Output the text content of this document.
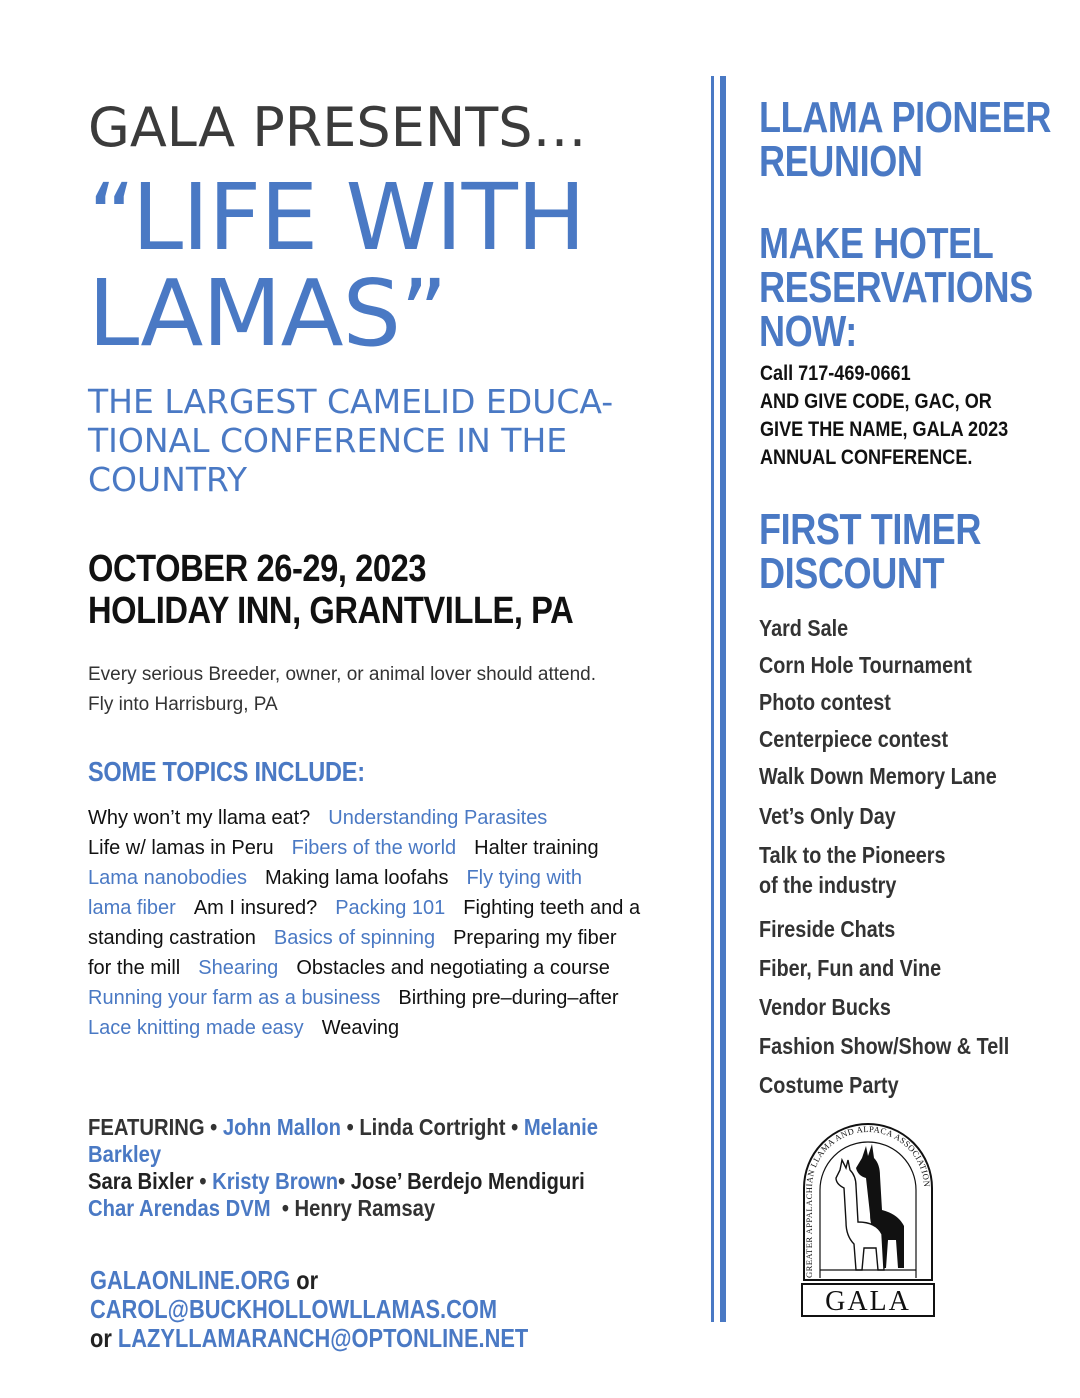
GALA PRESENTS…
“LIFE WITH
LAMAS”
THE LARGEST CAMELID EDUCA-
TIONAL CONFERENCE IN THE
COUNTRY
OCTOBER 26-29, 2023
HOLIDAY INN, GRANTVILLE, PA
Every serious Breeder, owner, or animal lover should attend.
Fly into Harrisburg, PA
SOME TOPICS INCLUDE:
Why won’t my llama eat? Understanding Parasites
Life w/ lamas in Peru Fibers of the world Halter training
Lama nanobodies Making lama loofahs Fly tying with
lama fiber Am I insured? Packing 101 Fighting teeth and a
standing castration Basics of spinning Preparing my fiber
for the mill Shearing Obstacles and negotiating a course
Running your farm as a business Birthing pre–during–after
Lace knitting made easy Weaving
FEATURING • John Mallon • Linda Cortright • Melanie Barkley
Sara Bixler • Kristy Brown• Jose’ Berdejo Mendiguri
Char Arendas DVM • Henry Ramsay
GALAONLINE.ORG or CAROL@BUCKHOLLOWLLAMAS.COM
or LAZYLLAMARANCH@OPTONLINE.NET
LLAMA PIONEER
REUNION
MAKE HOTEL
RESERVATIONS
NOW:
Call 717-469-0661
AND GIVE CODE, GAC, OR
GIVE THE NAME, GALA 2023
ANNUAL CONFERENCE.
FIRST TIMER
DISCOUNT
Yard Sale
Corn Hole Tournament
Photo contest
Centerpiece contest
Walk Down Memory Lane
Vet’s Only Day
Talk to the Pioneers
of the industry
Fireside Chats
Fiber, Fun and Vine
Vendor Bucks
Fashion Show/Show & Tell
Costume Party
GREATER APPALACHIAN LLAMA AND ALPACA ASSOCIATION
GALA
